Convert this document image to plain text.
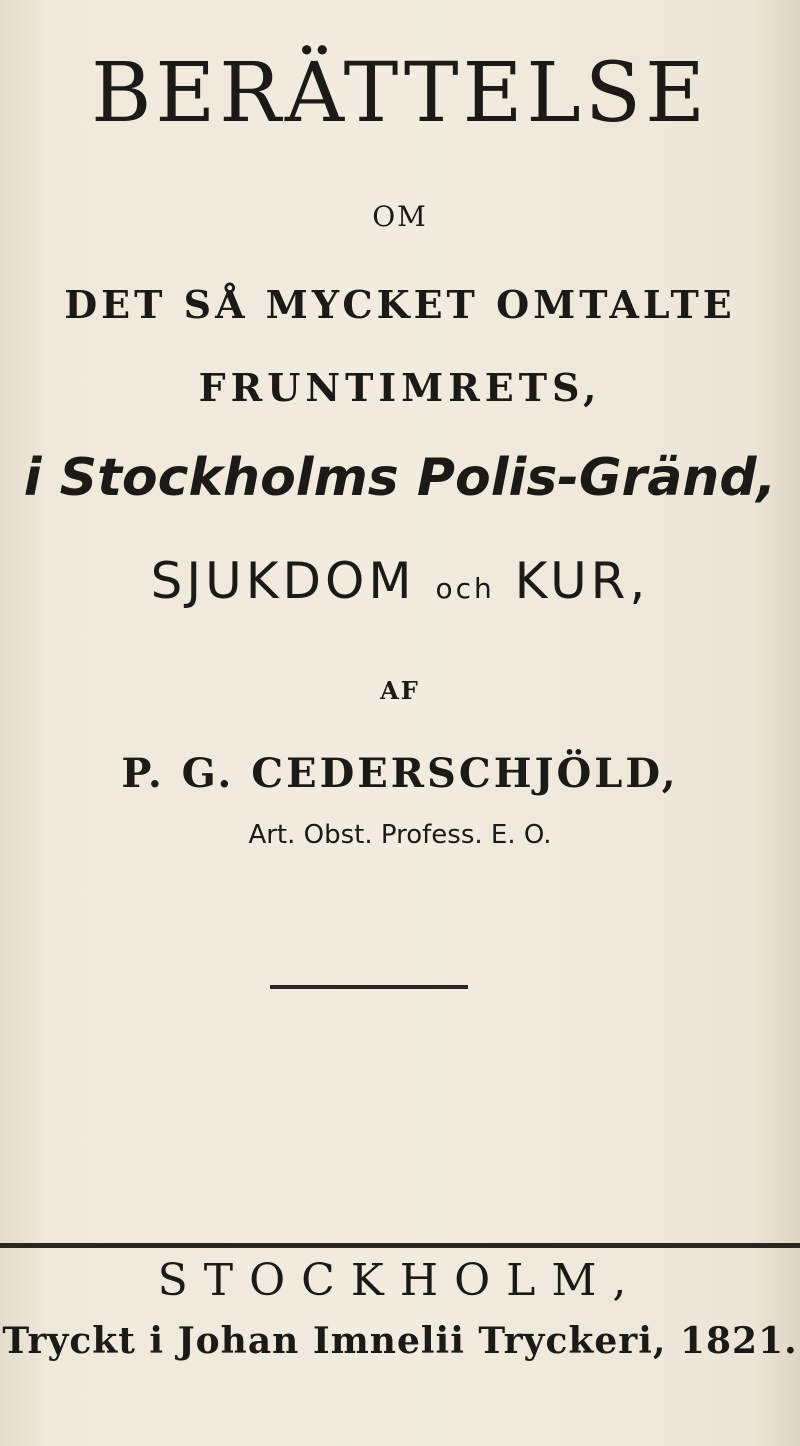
BERÄTTELSE
OM
DET SÅ MYCKET OMTALTE
FRUNTIMRETS,
i Stockholms Polis-Gränd,
SJUKDOM och KUR,
AF
P. G. CEDERSCHJÖLD,
Art. Obst. Profess. E. O.
STOCKHOLM,
Tryckt i Johan Imnelii Tryckeri, 1821.
